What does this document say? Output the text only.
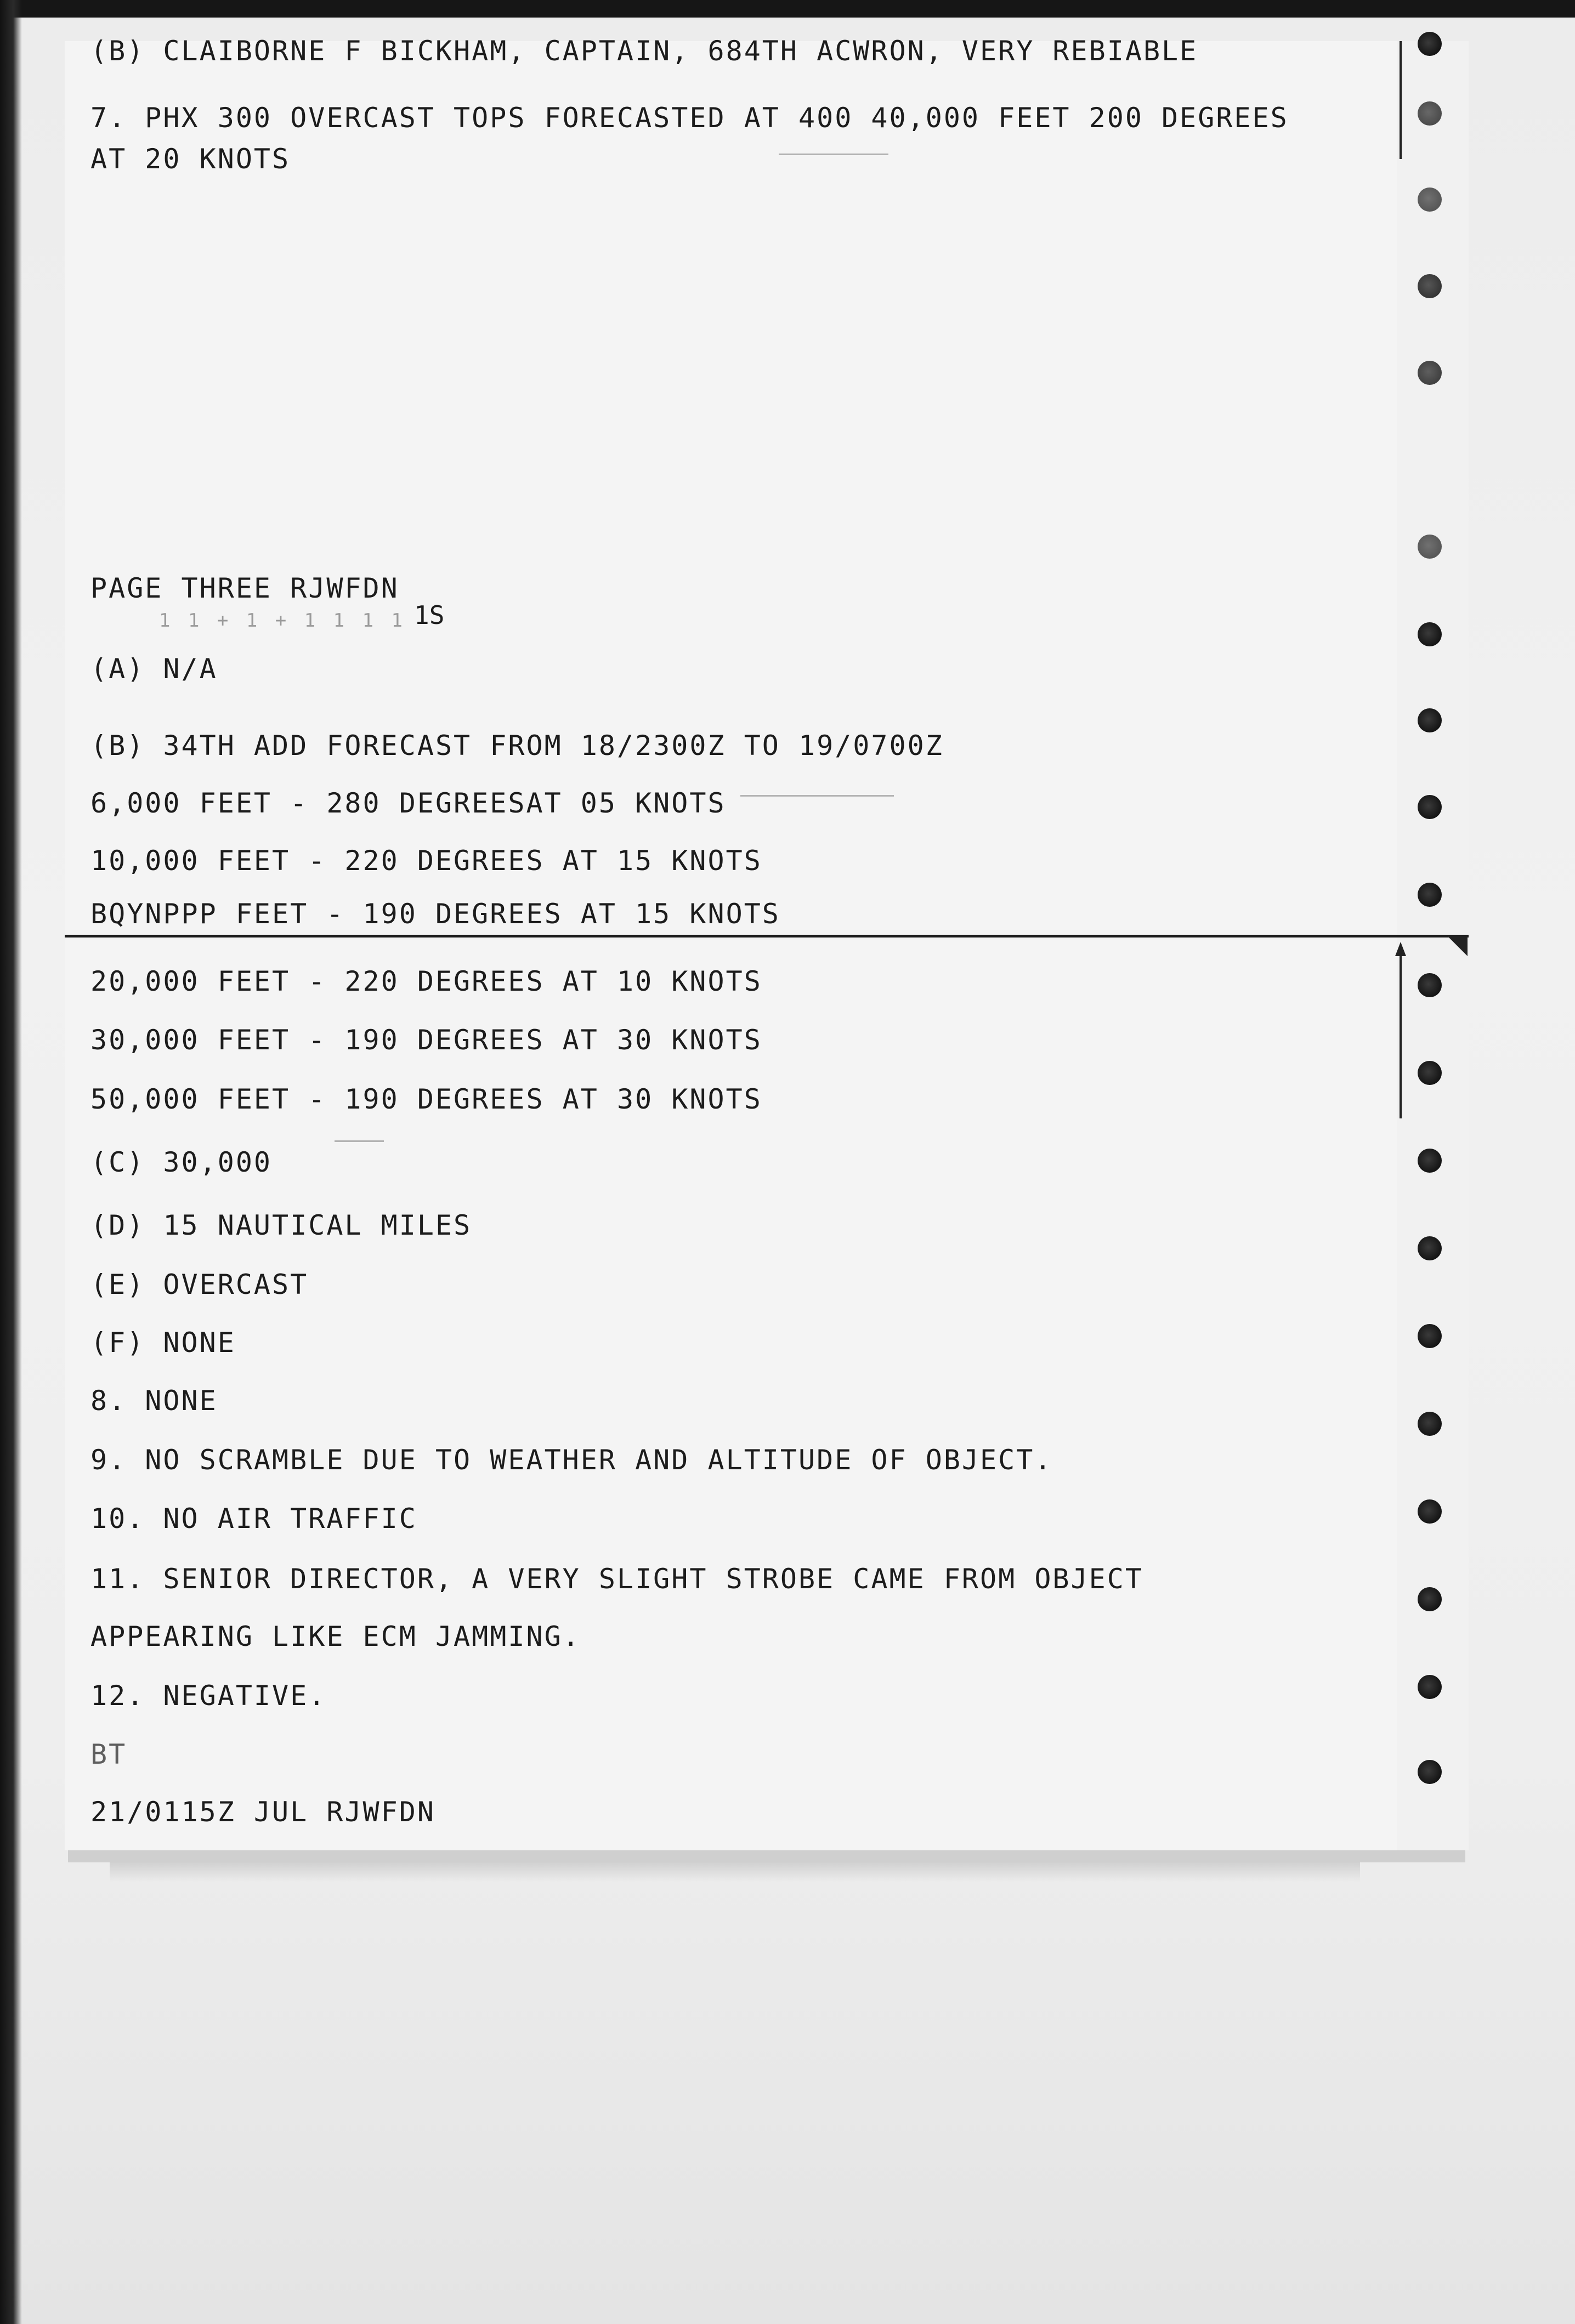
(B) CLAIBORNE F BICKHAM, CAPTAIN, 684TH ACWRON, VERY REBIABLE
7. PHX 300 OVERCAST TOPS FORECASTED AT 400 40,000 FEET 200 DEGREES
AT 20 KNOTS
PAGE THREE RJWFDN
1S
1 1 + 1 + 1 1 1 1
(A) N/A
(B) 34TH ADD FORECAST FROM 18/2300Z TO 19/0700Z
6,000 FEET - 280 DEGREESAT 05 KNOTS
10,000 FEET - 220 DEGREES AT 15 KNOTS
BQYNPPP FEET - 190 DEGREES AT 15 KNOTS
20,000 FEET - 220 DEGREES AT 10 KNOTS
30,000 FEET - 190 DEGREES AT 30 KNOTS
50,000 FEET - 190 DEGREES AT 30 KNOTS
(C) 30,000
(D) 15 NAUTICAL MILES
(E) OVERCAST
(F) NONE
8. NONE
9. NO SCRAMBLE DUE TO WEATHER AND ALTITUDE OF OBJECT.
10. NO AIR TRAFFIC
11. SENIOR DIRECTOR, A VERY SLIGHT STROBE CAME FROM OBJECT
APPEARING LIKE ECM JAMMING.
12. NEGATIVE.
BT
21/0115Z JUL RJWFDN
